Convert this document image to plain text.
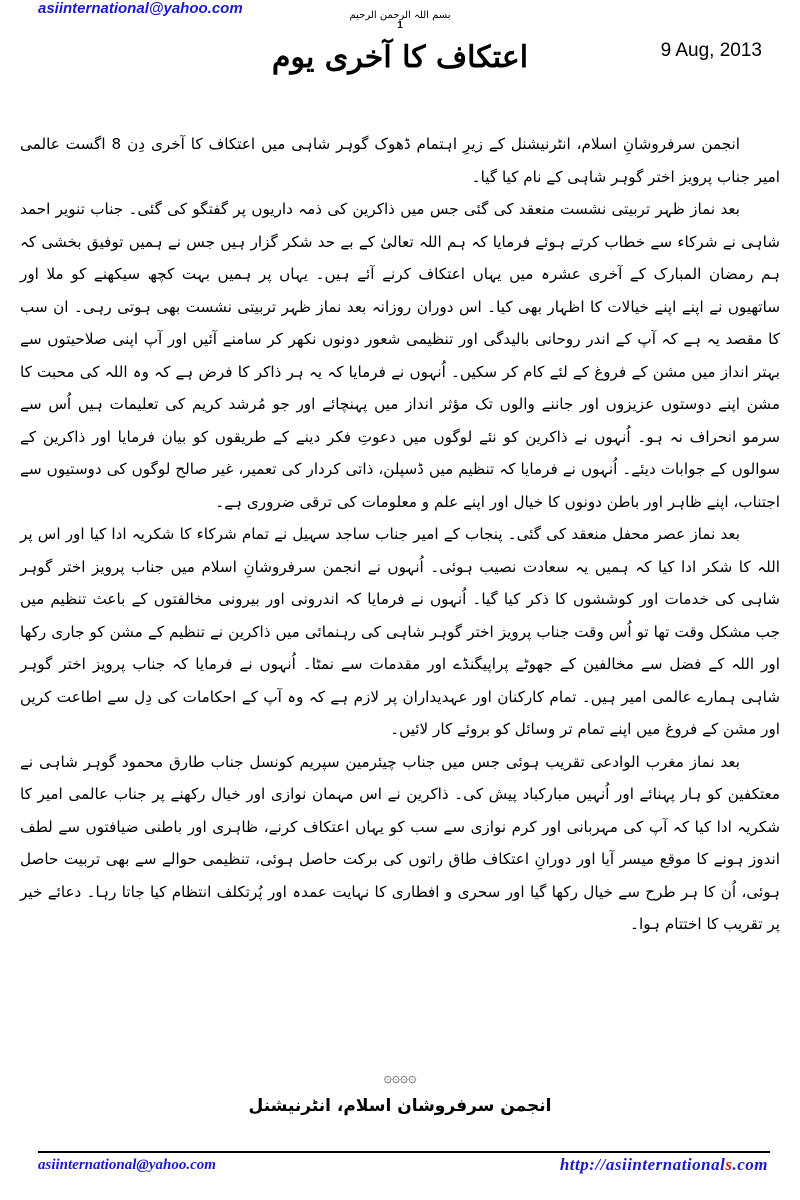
asiinternational@yahoo.com	بسم اللہ الرحمن الرحیم
1
اعتکاف کا آخری یوم	9 Aug, 2013

انجمن سرفروشانِ اسلام، انٹرنیشنل کے زیرِ اہتمام ڈھوک گوہر شاہی میں اعتکاف کا آخری دِن 8 اگست عالمی امیر جناب پرویز اختر گوہر شاہی کے نام کیا گیا۔

بعد نماز ظہر تربیتی نشست منعقد کی گئی جس میں ذاکرین کی ذمہ داریوں پر گفتگو کی گئی۔ جناب تنویر احمد شاہی نے شرکاء سے خطاب کرتے ہوئے فرمایا کہ ہم اللہ تعالیٰ کے بے حد شکر گزار ہیں جس نے ہمیں توفیق بخشی کہ ہم رمضان المبارک کے آخری عشرہ میں یہاں اعتکاف کرنے آئے ہیں۔ یہاں پر ہمیں بہت کچھ سیکھنے کو ملا اور ساتھیوں نے اپنے اپنے خیالات کا اظہار بھی کیا۔ اس دوران روزانہ بعد نماز ظہر تربیتی نشست بھی ہوتی رہی۔ ان سب کا مقصد یہ ہے کہ آپ کے اندر روحانی بالیدگی اور تنظیمی شعور دونوں نکھر کر سامنے آئیں اور آپ اپنی صلاحیتوں سے بہتر انداز میں مشن کے فروغ کے لئے کام کر سکیں۔ اُنہوں نے فرمایا کہ یہ ہر ذاکر کا فرض ہے کہ وہ اللہ کی محبت کا مشن اپنے دوستوں عزیزوں اور جاننے والوں تک مؤثر انداز میں پہنچائے اور جو مُرشد کریم کی تعلیمات ہیں اُس سے سرمو انحراف نہ ہو۔ اُنہوں نے ذاکرین کو نئے لوگوں میں دعوتِ فکر دینے کے طریقوں کو بیان فرمایا اور ذاکرین کے سوالوں کے جوابات دیئے۔ اُنہوں نے فرمایا کہ تنظیم میں ڈسپلن، ذاتی کردار کی تعمیر، غیر صالح لوگوں کی دوستیوں سے اجتناب، اپنے ظاہر اور باطن دونوں کا خیال اور اپنے علم و معلومات کی ترقی ضروری ہے۔

بعد نماز عصر محفل منعقد کی گئی۔ پنجاب کے امیر جناب ساجد سہیل نے تمام شرکاء کا شکریہ ادا کیا اور اس پر اللہ کا شکر ادا کیا کہ ہمیں یہ سعادت نصیب ہوئی۔ اُنہوں نے انجمن سرفروشانِ اسلام میں جناب پرویز اختر گوہر شاہی کی خدمات اور کوششوں کا ذکر کیا گیا۔ اُنہوں نے فرمایا کہ اندرونی اور بیرونی مخالفتوں کے باعث تنظیم میں جب مشکل وقت تھا تو اُس وقت جناب پرویز اختر گوہر شاہی کی رہنمائی میں ذاکرین نے تنظیم کے مشن کو جاری رکھا اور اللہ کے فضل سے مخالفین کے جھوٹے پراپیگنڈے اور مقدمات سے نمٹا۔ اُنہوں نے فرمایا کہ جناب پرویز اختر گوہر شاہی ہمارے عالمی امیر ہیں۔ تمام کارکنان اور عہدیداران پر لازم ہے کہ وہ آپ کے احکامات کی دِل سے اطاعت کریں اور مشن کے فروغ میں اپنے تمام تر وسائل کو بروئے کار لائیں۔

بعد نماز مغرب الوادعی تقریب ہوئی جس میں جناب چیئرمین سپریم کونسل جناب طارق محمود گوہر شاہی نے معتکفین کو ہار پہنائے اور اُنہیں مبارکباد پیش کی۔ ذاکرین نے اس مہمان نوازی اور خیال رکھنے پر جناب عالمی امیر کا شکریہ ادا کیا کہ آپ کی مہربانی اور کرم نوازی سے سب کو یہاں اعتکاف کرنے، ظاہری اور باطنی ضیافتوں سے لطف اندوز ہونے کا موقع میسر آیا اور دورانِ اعتکاف طاق راتوں کی برکت حاصل ہوئی، تنظیمی حوالے سے بھی تربیت حاصل ہوئی، اُن کا ہر طرح سے خیال رکھا گیا اور سحری و افطاری کا نہایت عمدہ اور پُرتکلف انتظام کیا جاتا رہا۔ دعائے خیر پر تقریب کا اختتام ہوا۔

۞۞۞۞
انجمن سرفروشان اسلام، انٹرنیشنل
asiinternational@yahoo.com	http://asiinternationals.com
